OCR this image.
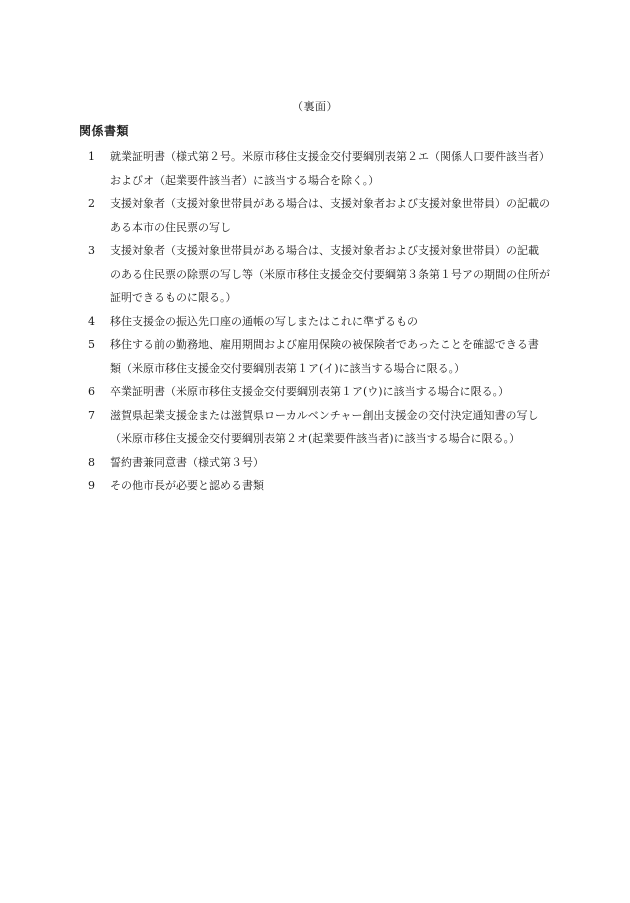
（裏面）
関係書類
1	就業証明書（様式第２号。米原市移住支援金交付要綱別表第２エ（関係人口要件該当者）
およびオ（起業要件該当者）に該当する場合を除く。）
2	支援対象者（支援対象世帯員がある場合は、支援対象者および支援対象世帯員）の記載の
ある本市の住民票の写し
3	支援対象者（支援対象世帯員がある場合は、支援対象者および支援対象世帯員）の記載
のある住民票の除票の写し等（米原市移住支援金交付要綱第３条第１号アの期間の住所が
証明できるものに限る。）
4	移住支援金の振込先口座の通帳の写しまたはこれに準ずるもの
5	移住する前の勤務地、雇用期間および雇用保険の被保険者であったことを確認できる書
類（米原市移住支援金交付要綱別表第１ア(イ)に該当する場合に限る。）
6	卒業証明書（米原市移住支援金交付要綱別表第１ア(ウ)に該当する場合に限る。）
7	滋賀県起業支援金または滋賀県ローカルベンチャー創出支援金の交付決定通知書の写し
（米原市移住支援金交付要綱別表第２オ(起業要件該当者)に該当する場合に限る。）
8	誓約書兼同意書（様式第３号）
9	その他市長が必要と認める書類
